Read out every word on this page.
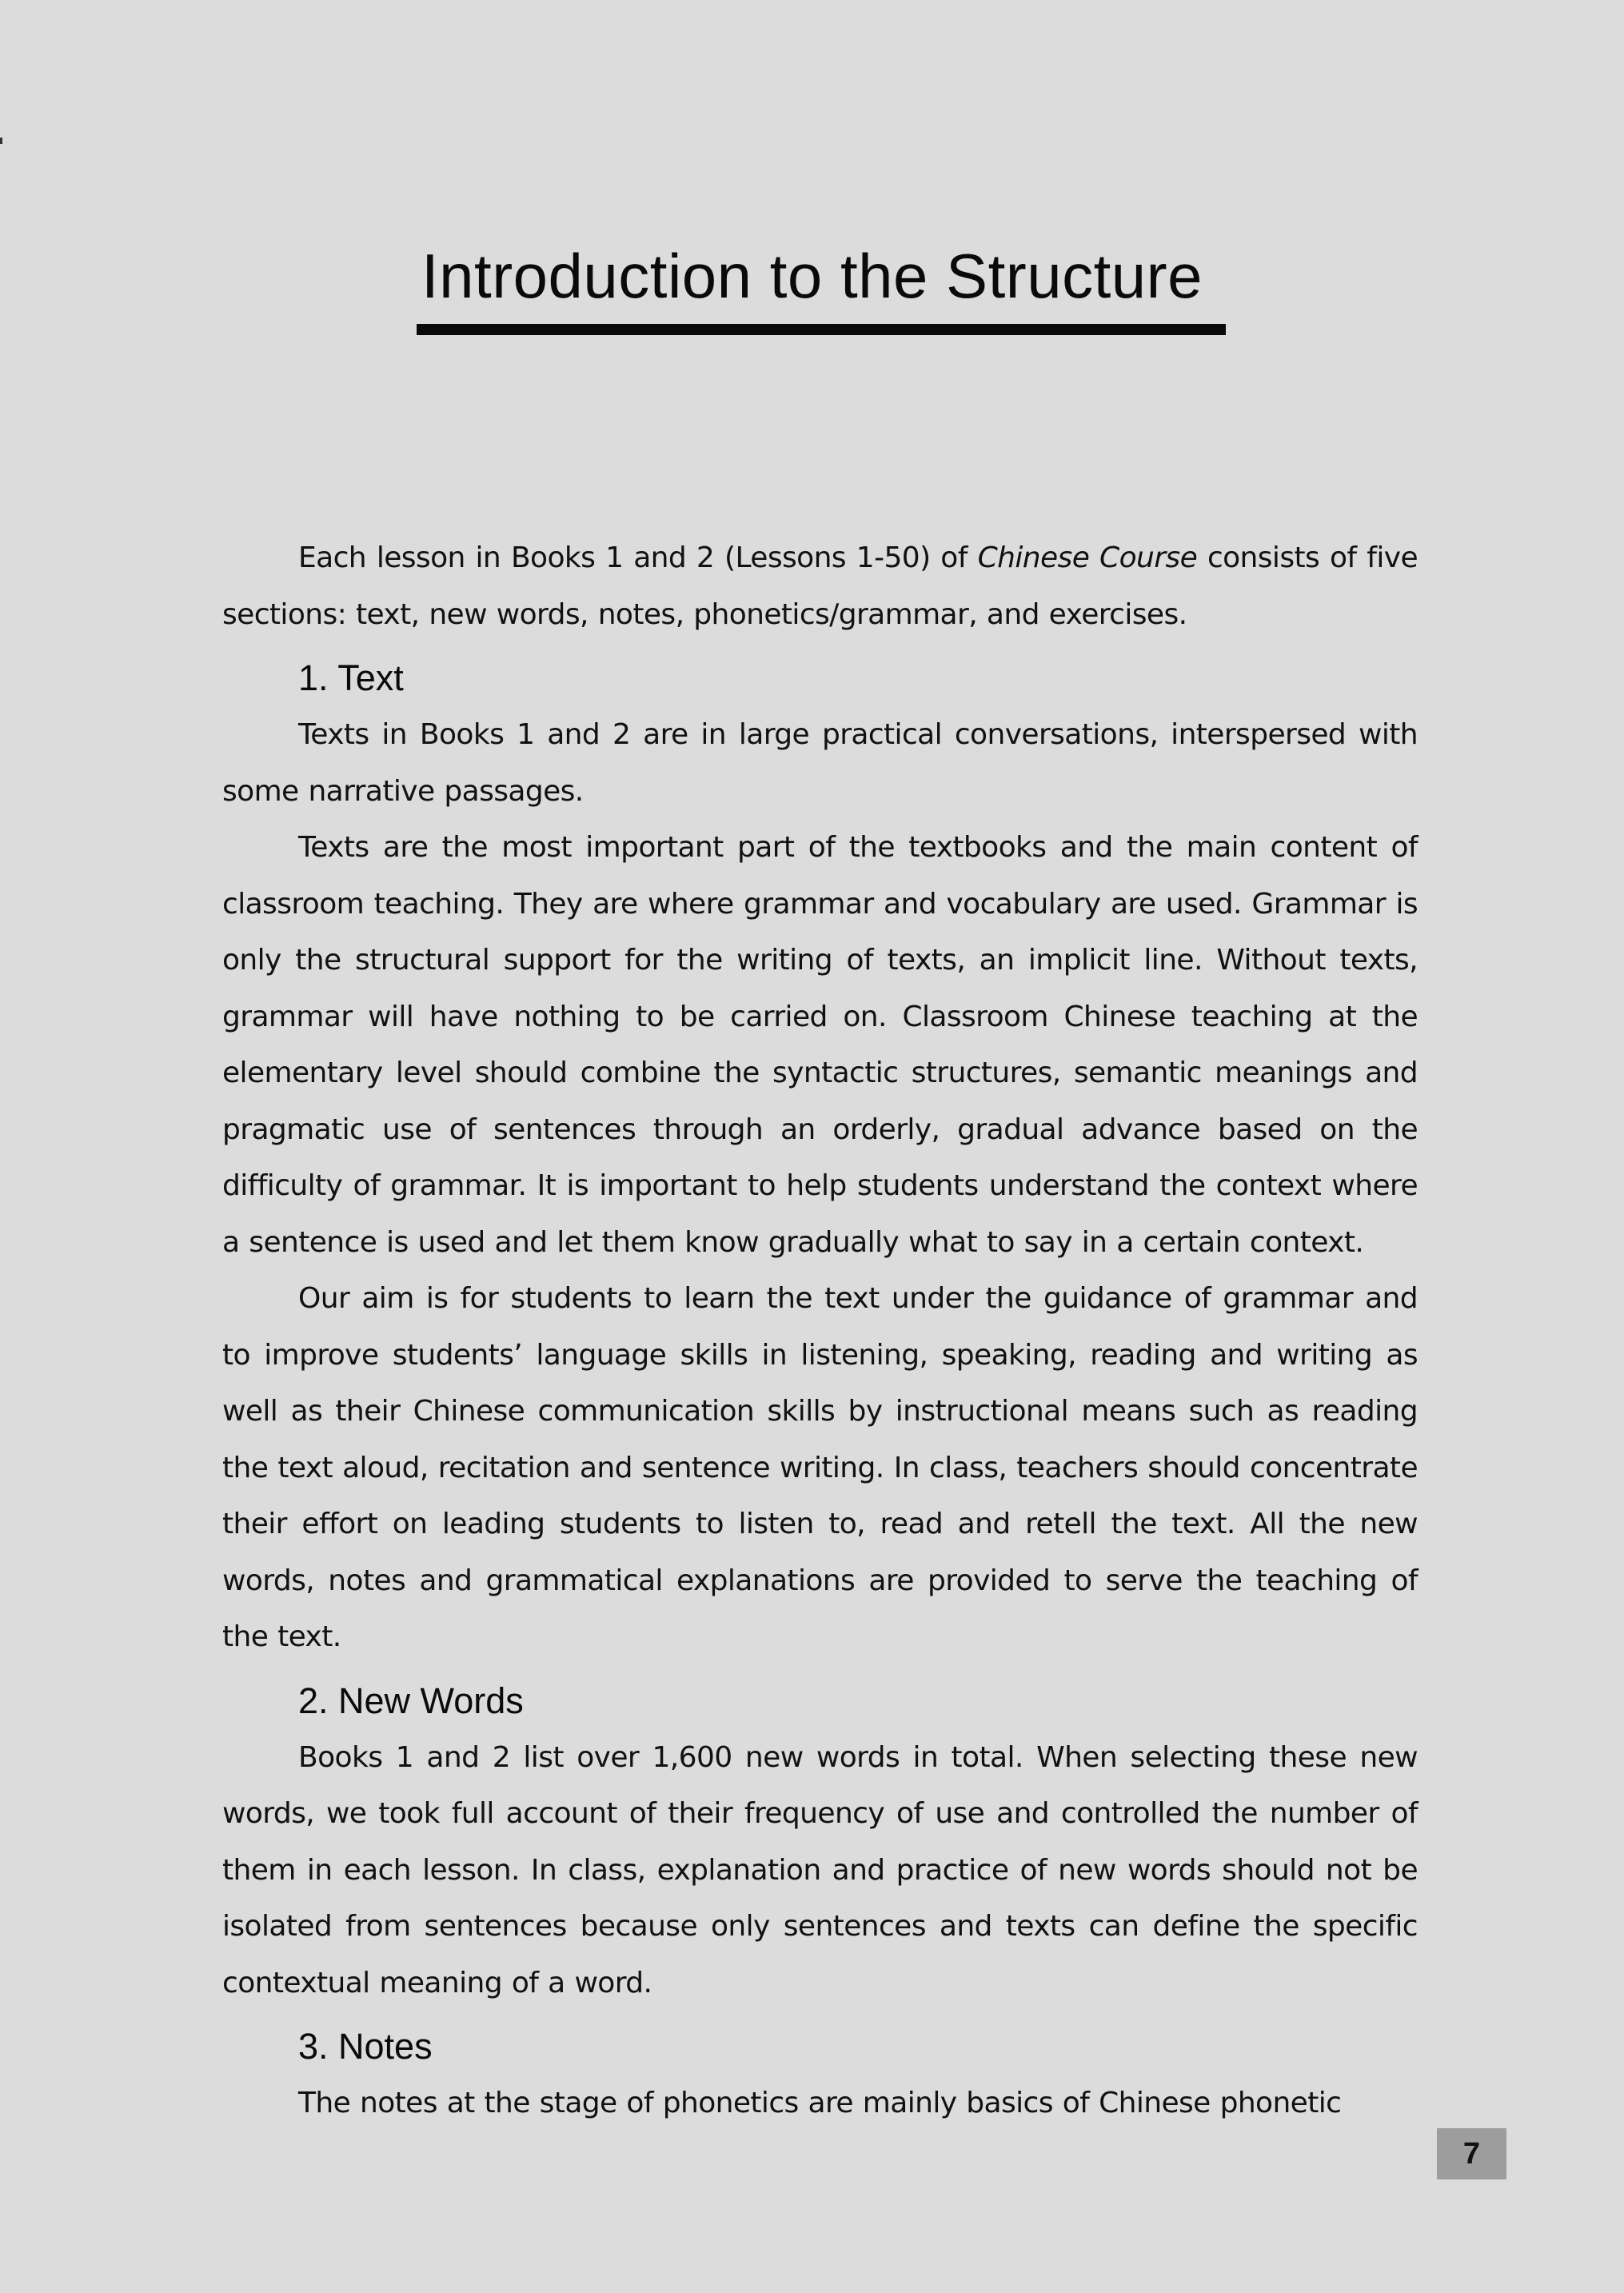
Introduction to the Structure

Each lesson in Books 1 and 2 (Lessons 1-50) of Chinese Course consists of five sections: text, new words, notes, phonetics/grammar, and exercises.

1. Text

Texts in Books 1 and 2 are in large practical conversations, interspersed with some narrative passages.

Texts are the most important part of the textbooks and the main content of classroom teaching. They are where grammar and vocabulary are used. Grammar is only the structural support for the writing of texts, an implicit line. Without texts, grammar will have nothing to be carried on. Classroom Chinese teaching at the elementary level should combine the syntactic structures, semantic meanings and pragmatic use of sentences through an orderly, gradual advance based on the difficulty of grammar. It is important to help students understand the context where a sentence is used and let them know gradually what to say in a certain context.

Our aim is for students to learn the text under the guidance of grammar and to improve students’ language skills in listening, speaking, reading and writing as well as their Chinese communication skills by instructional means such as reading the text aloud, recitation and sentence writing. In class, teachers should concentrate their effort on leading students to listen to, read and retell the text. All the new words, notes and grammatical explanations are provided to serve the teaching of the text.

2. New Words

Books 1 and 2 list over 1,600 new words in total. When selecting these new words, we took full account of their frequency of use and controlled the number of them in each lesson. In class, explanation and practice of new words should not be isolated from sentences because only sentences and texts can define the specific contextual meaning of a word.

3. Notes

The notes at the stage of phonetics are mainly basics of Chinese phonetic

7
